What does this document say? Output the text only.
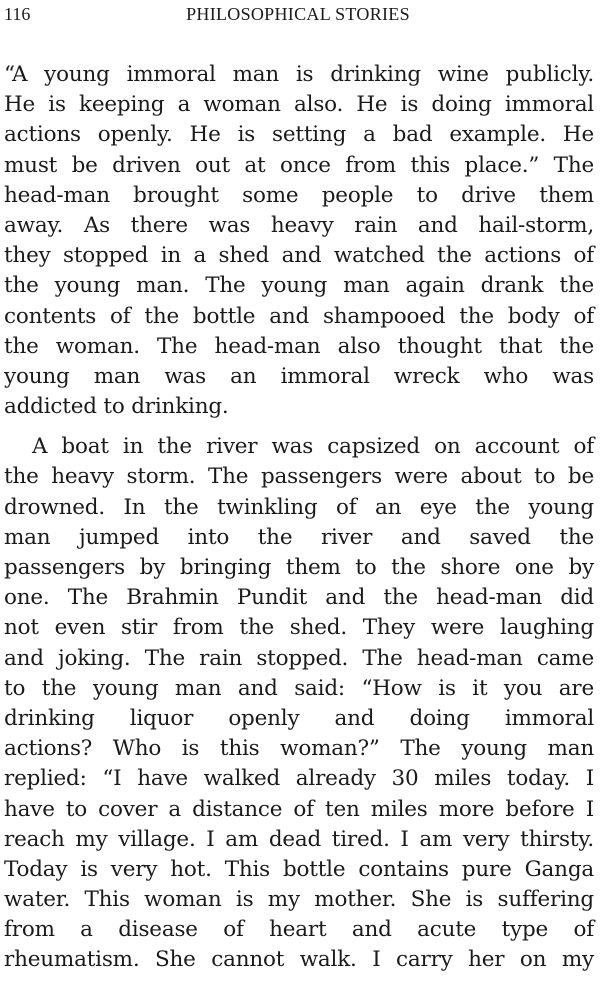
116	PHILOSOPHICAL STORIES
“A young immoral man is drinking wine publicly.
He is keeping a woman also. He is doing immoral
actions openly. He is setting a bad example. He
must be driven out at once from this place.” The
head-man brought some people to drive them
away. As there was heavy rain and hail-storm,
they stopped in a shed and watched the actions of
the young man. The young man again drank the
contents of the bottle and shampooed the body of
the woman. The head-man also thought that the
young man was an immoral wreck who was
addicted to drinking.
A boat in the river was capsized on account of
the heavy storm. The passengers were about to be
drowned. In the twinkling of an eye the young
man jumped into the river and saved the
passengers by bringing them to the shore one by
one. The Brahmin Pundit and the head-man did
not even stir from the shed. They were laughing
and joking. The rain stopped. The head-man came
to the young man and said: “How is it you are
drinking liquor openly and doing immoral
actions? Who is this woman?” The young man
replied: “I have walked already 30 miles today. I
have to cover a distance of ten miles more before I
reach my village. I am dead tired. I am very thirsty.
Today is very hot. This bottle contains pure Ganga
water. This woman is my mother. She is suffering
from a disease of heart and acute type of
rheumatism. She cannot walk. I carry her on my
